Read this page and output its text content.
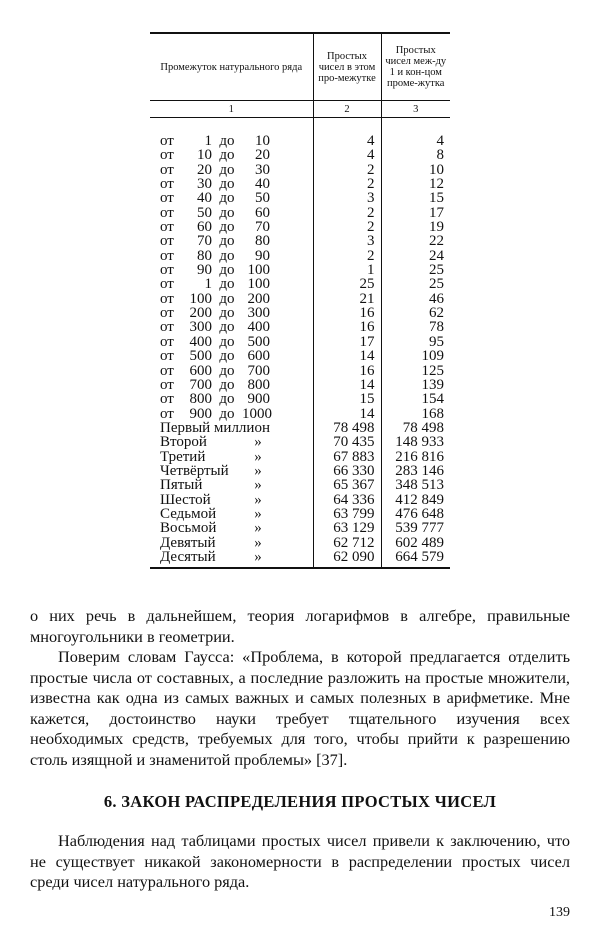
Промежуток натурального ряда	Простых чисел в этом про-межутке	Простых чисел меж-ду 1 и кон-цом проме-жутка
1	2	3

от 1 до 10	4	4

от 10 до 20	4	8

от 20 до 30	2	10

от 30 до 40	2	12

от 40 до 50	3	15

от 50 до 60	2	17

от 60 до 70	2	19

от 70 до 80	3	22

от 80 до 90	2	24

от 90 до 100	1	25

от 1 до 100	25	25

от 100 до 200	21	46

от 200 до 300	16	62

от 300 до 400	16	78

от 400 до 500	17	95

от 500 до 600	14	109

от 600 до 700	16	125

от 700 до 800	14	139

от 800 до 900	15	154

от 900 до 1000	14	168

Первый миллион	78 498	78 498

Второй »	70 435	148 933

Третий »	67 883	216 816

Четвёртый »	66 330	283 146

Пятый »	65 367	348 513

Шестой »	64 336	412 849

Седьмой »	63 799	476 648

Восьмой »	63 129	539 777

Девятый »	62 712	602 489

Десятый »	62 090	664 579

о них речь в дальнейшем, теория логарифмов в алгебре, правильные многоугольники в геометрии.

Поверим словам Гаусса: «Проблема, в которой предлагается отделить простые числа от составных, а последние разложить на простые множители, известна как одна из самых важных и самых полезных в арифметике. Мне кажется, достоинство науки требует тщательного изучения всех необходимых средств, требуемых для того, чтобы прийти к разрешению столь изящной и знаменитой проблемы» [37].

6. ЗАКОН РАСПРЕДЕЛЕНИЯ ПРОСТЫХ ЧИСЕЛ

Наблюдения над таблицами простых чисел привели к заключению, что не существует никакой закономерности в распределении простых чисел среди чисел натурального ряда.

139
